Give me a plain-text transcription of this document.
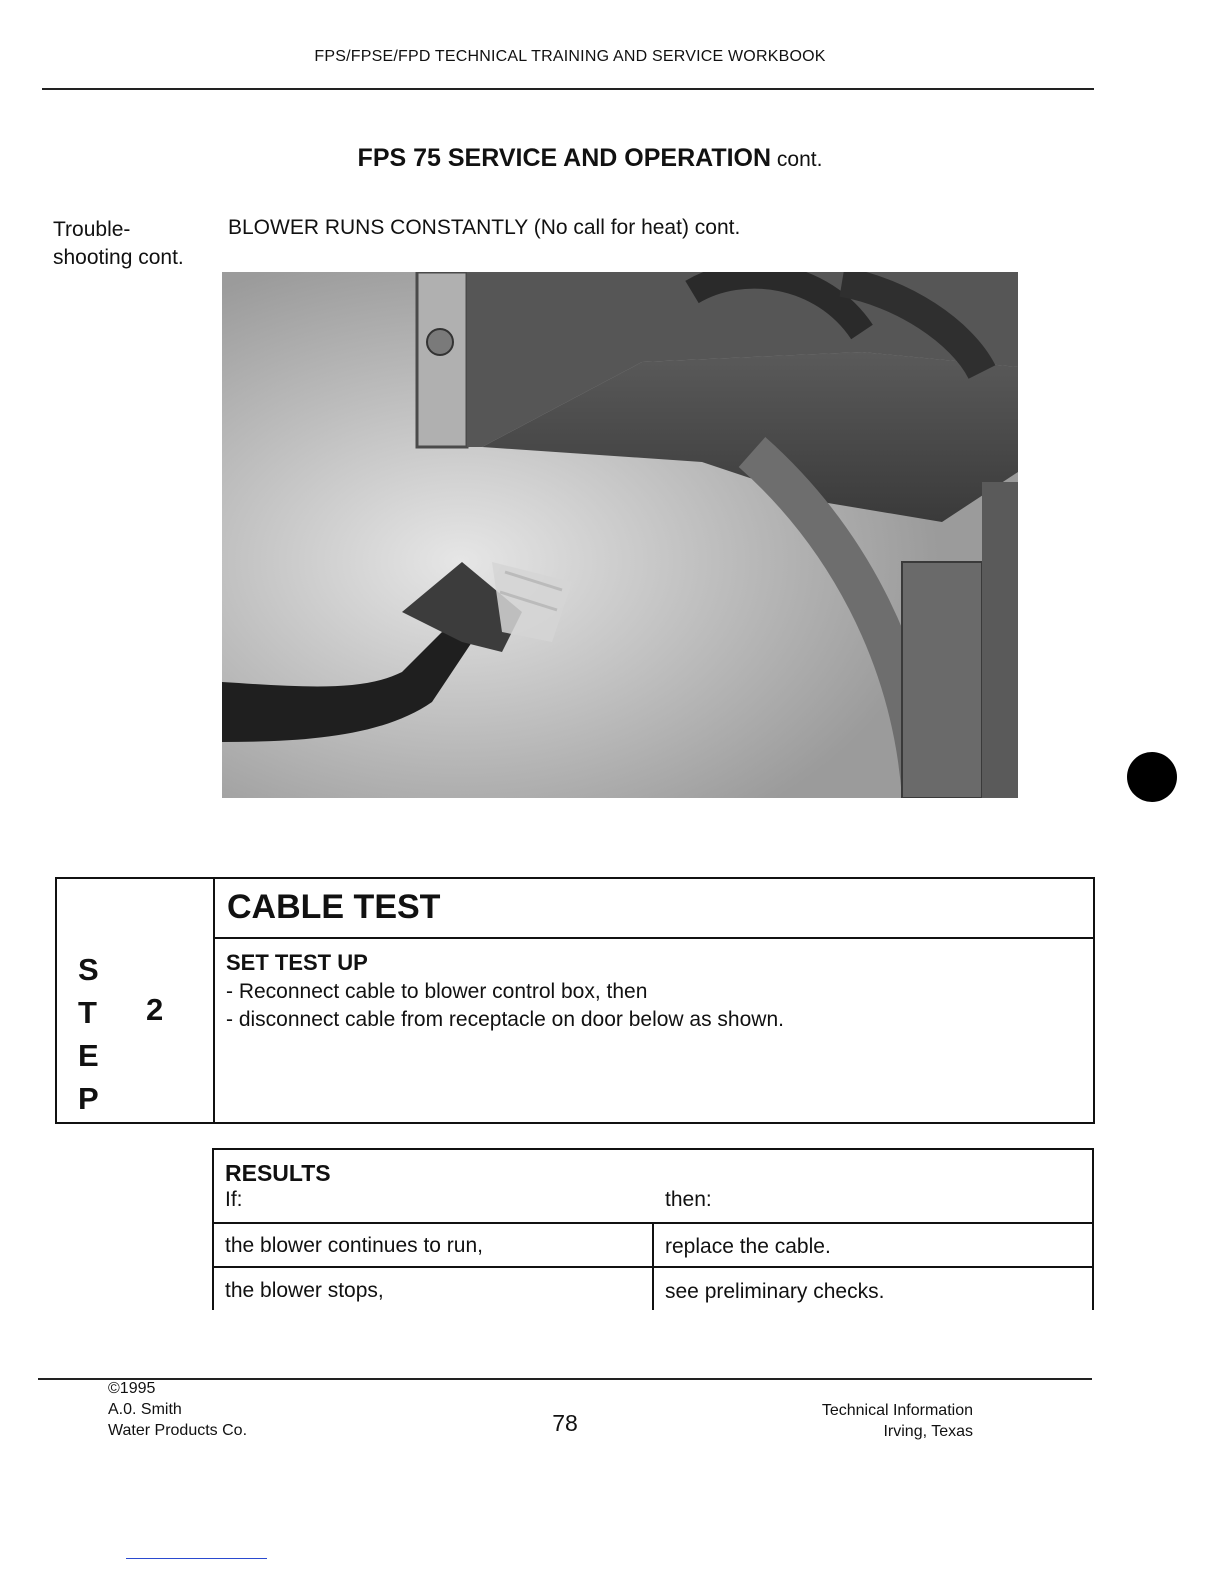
FPS/FPSE/FPD TECHNICAL TRAINING AND SERVICE WORKBOOK
FPS 75 SERVICE AND OPERATION cont.
Trouble-
shooting cont.
BLOWER RUNS CONSTANTLY (No call for heat) cont.
S
T
E
P
2
CABLE TEST
SET TEST UP
- Reconnect cable to blower control box, then
- disconnect cable from receptacle on door below as shown.
RESULTS
If:	then:
the blower continues to run,	replace the cable.
the blower stops,	see preliminary checks.
©1995
A.0. Smith
Water Products Co.	78	Technical Information
Irving, Texas
